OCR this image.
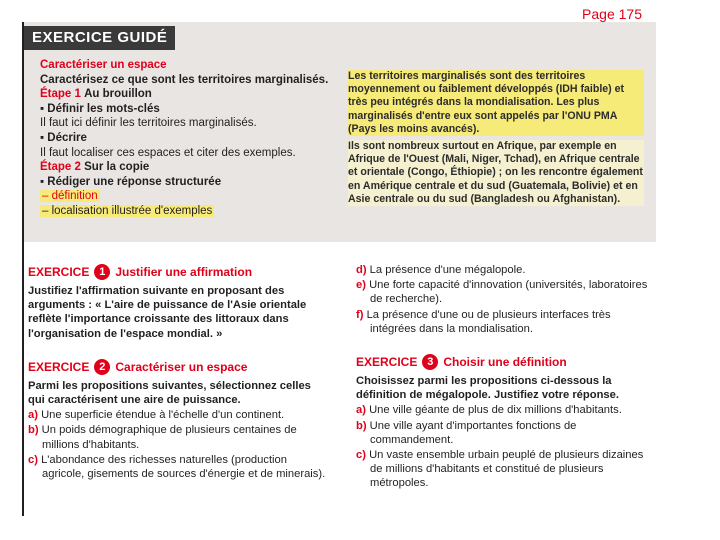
Page 175
EXERCICE GUIDÉ
Caractériser un espace
Caractérisez ce que sont les territoires marginalisés.
Étape 1 Au brouillon
▪ Définir les mots-clés
Il faut ici définir les territoires marginalisés.
▪ Décrire
Il faut localiser ces espaces et citer des exemples.
Étape 2 Sur la copie
▪ Rédiger une réponse structurée
– définition
– localisation illustrée d'exemples
Les territoires marginalisés sont des territoires moyennement ou faiblement développés (IDH faible) et très peu intégrés dans la mondialisation. Les plus marginalisés d'entre eux sont appelés par l'ONU PMA (Pays les moins avancés).
Ils sont nombreux surtout en Afrique, par exemple en Afrique de l'Ouest (Mali, Niger, Tchad), en Afrique centrale et orientale (Congo, Éthiopie) ; on les rencontre également en Amérique centrale et du sud (Guatemala, Bolivie) et en Asie centrale ou du sud (Bangladesh ou Afghanistan).
EXERCICE 1 Justifier une affirmation
Justifiez l'affirmation suivante en proposant des arguments : « L'aire de puissance de l'Asie orientale reflète l'importance croissante des littoraux dans l'organisation de l'espace mondial. »
EXERCICE 2 Caractériser un espace
Parmi les propositions suivantes, sélectionnez celles qui caractérisent une aire de puissance.
a) Une superficie étendue à l'échelle d'un continent.
b) Un poids démographique de plusieurs centaines de millions d'habitants.
c) L'abondance des richesses naturelles (production agricole, gisements de sources d'énergie et de minerais).
d) La présence d'une mégalopole.
e) Une forte capacité d'innovation (universités, laboratoires de recherche).
f) La présence d'une ou de plusieurs interfaces très intégrées dans la mondialisation.
EXERCICE 3 Choisir une définition
Choisissez parmi les propositions ci-dessous la définition de mégalopole. Justifiez votre réponse.
a) Une ville géante de plus de dix millions d'habitants.
b) Une ville ayant d'importantes fonctions de commandement.
c) Un vaste ensemble urbain peuplé de plusieurs dizaines de millions d'habitants et constitué de plusieurs métropoles.
